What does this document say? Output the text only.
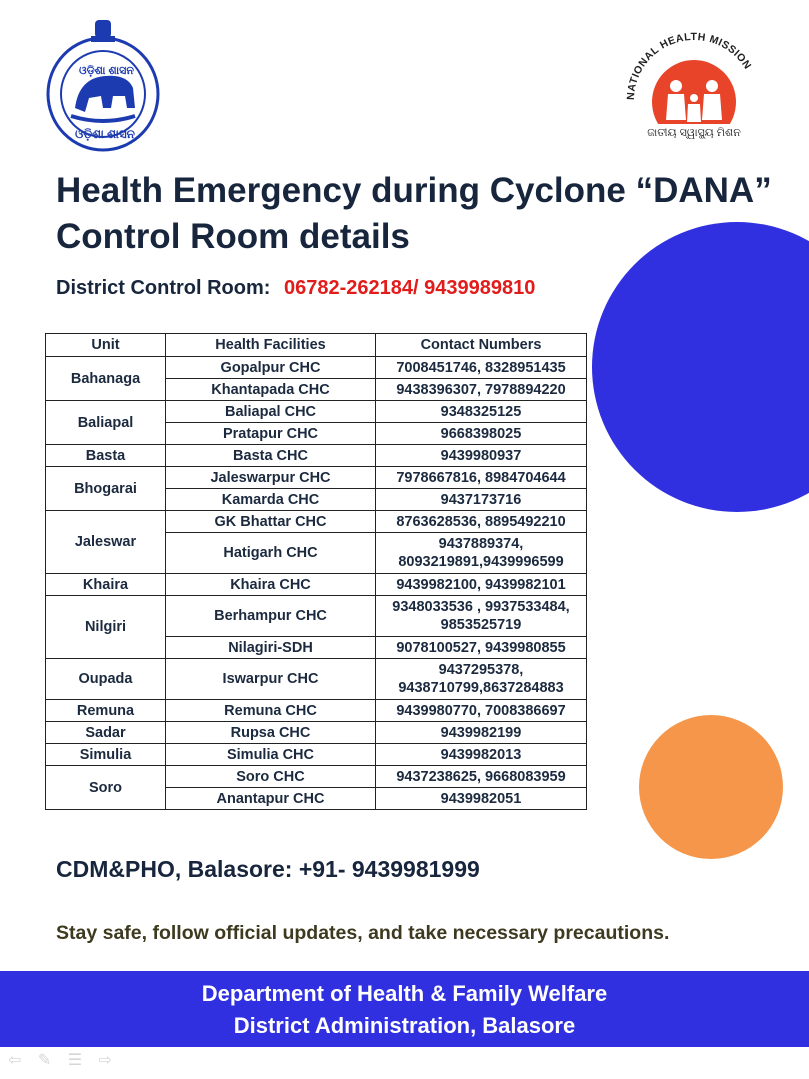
ଓଡ଼ିଶା ଶାସନ
ଓଡ଼ିଶା ଶାସନ
NATIONAL HEALTH MISSION
ଜାତୀୟ ସ୍ୱାସ୍ଥ୍ୟ ମିଶନ
Health Emergency during Cyclone “DANA”
Control Room details
District Control Room: 06782-262184/ 9439989810
Unit	Health Facilities	Contact Numbers
Bahanaga	Gopalpur CHC	7008451746, 8328951435
	Khantapada CHC	9438396307, 7978894220
Baliapal	Baliapal CHC	9348325125
	Pratapur CHC	9668398025
Basta	Basta CHC	9439980937
Bhogarai	Jaleswarpur CHC	7978667816, 8984704644
	Kamarda CHC	9437173716
Jaleswar	GK Bhattar CHC	8763628536, 8895492210
	Hatigarh CHC	9437889374, 8093219891,9439996599
Khaira	Khaira CHC	9439982100, 9439982101
Nilgiri	Berhampur CHC	9348033536 , 9937533484, 9853525719
	Nilagiri-SDH	9078100527, 9439980855
Oupada	Iswarpur CHC	9437295378, 9438710799,8637284883
Remuna	Remuna CHC	9439980770, 7008386697
Sadar	Rupsa CHC	9439982199
Simulia	Simulia CHC	9439982013
Soro	Soro CHC	9437238625, 9668083959
	Anantapur CHC	9439982051
CDM&PHO, Balasore: +91- 9439981999
Stay safe, follow official updates, and take necessary precautions.
Department of Health & Family Welfare
District Administration, Balasore
⇦ ✎ ☰ ⇨
